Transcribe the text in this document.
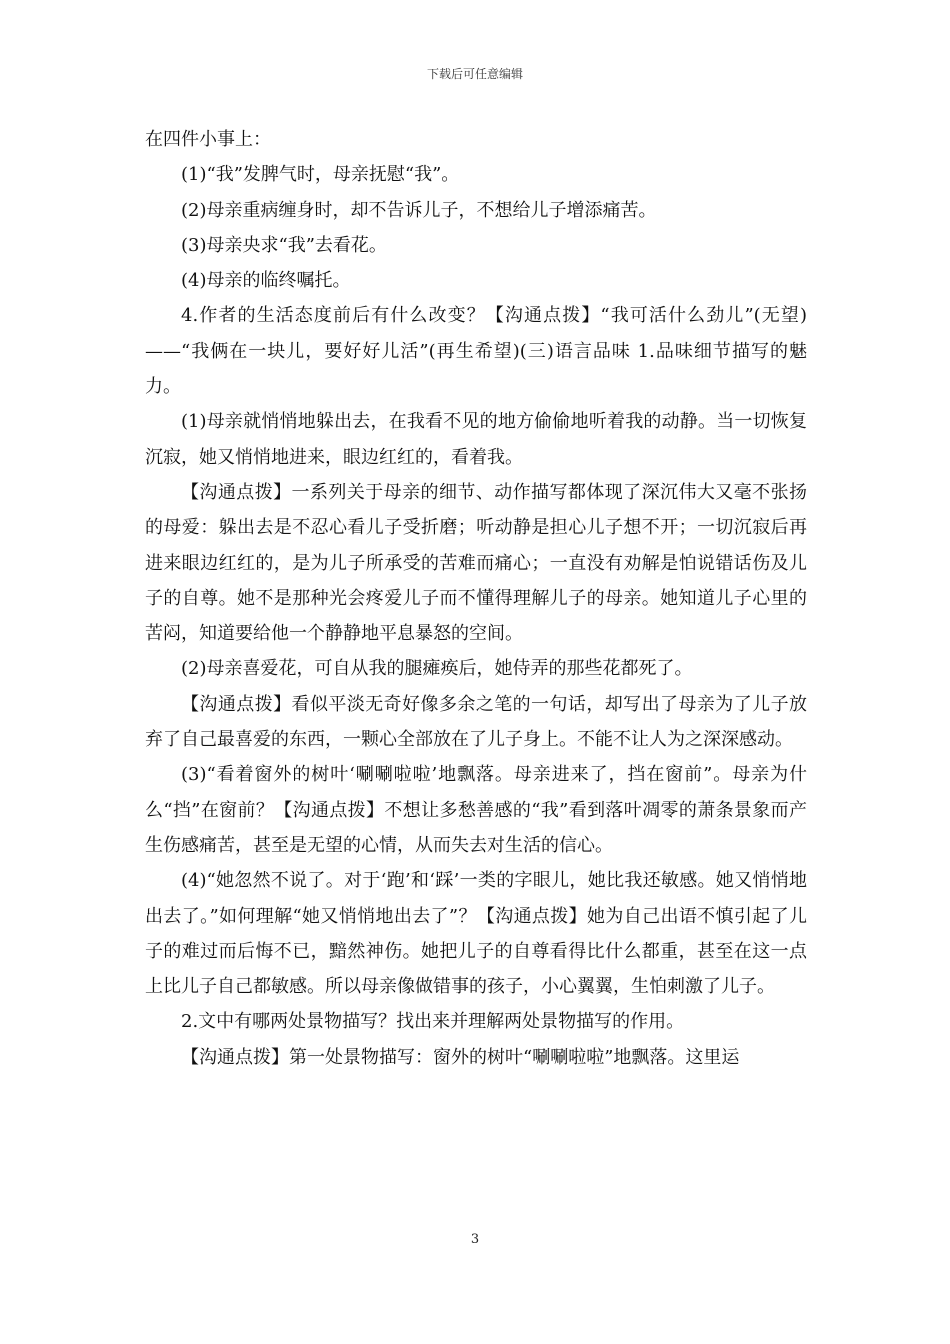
下载后可任意编辑

在四件小事上：

(1)“我”发脾气时，母亲抚慰“我”。

(2)母亲重病缠身时，却不告诉儿子，不想给儿子增添痛苦。

(3)母亲央求“我”去看花。

(4)母亲的临终嘱托。

4.作者的生活态度前后有什么改变？【沟通点拨】“我可活什么劲儿”(无望)——“我俩在一块儿，要好好儿活”(再生希望)(三)语言品味 1.品味细节描写的魅力。

(1)母亲就悄悄地躲出去，在我看不见的地方偷偷地听着我的动静。当一切恢复沉寂，她又悄悄地进来，眼边红红的，看着我。

【沟通点拨】一系列关于母亲的细节、动作描写都体现了深沉伟大又毫不张扬的母爱：躲出去是不忍心看儿子受折磨；听动静是担心儿子想不开；一切沉寂后再进来眼边红红的，是为儿子所承受的苦难而痛心；一直没有劝解是怕说错话伤及儿子的自尊。她不是那种光会疼爱儿子而不懂得理解儿子的母亲。她知道儿子心里的苦闷，知道要给他一个静静地平息暴怒的空间。

(2)母亲喜爱花，可自从我的腿瘫痪后，她侍弄的那些花都死了。

【沟通点拨】看似平淡无奇好像多余之笔的一句话，却写出了母亲为了儿子放弃了自己最喜爱的东西，一颗心全部放在了儿子身上。不能不让人为之深深感动。

(3)“看着窗外的树叶‘唰唰啦啦’地飘落。母亲进来了，挡在窗前”。母亲为什么“挡”在窗前？【沟通点拨】不想让多愁善感的“我”看到落叶凋零的萧条景象而产生伤感痛苦，甚至是无望的心情，从而失去对生活的信心。

(4)“她忽然不说了。对于‘跑’和‘踩’一类的字眼儿，她比我还敏感。她又悄悄地出去了。”如何理解“她又悄悄地出去了”？【沟通点拨】她为自己出语不慎引起了儿子的难过而后悔不已，黯然神伤。她把儿子的自尊看得比什么都重，甚至在这一点上比儿子自己都敏感。所以母亲像做错事的孩子，小心翼翼，生怕刺激了儿子。

2.文中有哪两处景物描写？找出来并理解两处景物描写的作用。

【沟通点拨】第一处景物描写：窗外的树叶“唰唰啦啦”地飘落。这里运

3
